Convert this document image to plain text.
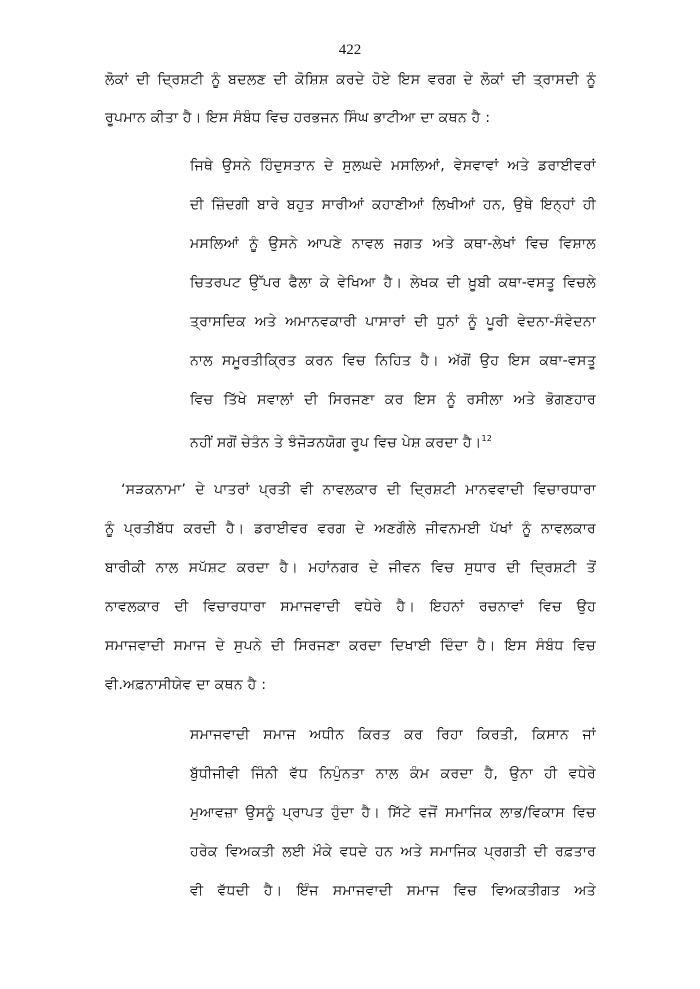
422
ਲੋਕਾਂ ਦੀ ਦ੍ਰਿਸ਼ਟੀ ਨੂੰ ਬਦਲਣ ਦੀ ਕੋਸ਼ਿਸ਼ ਕਰਦੇ ਹੋਏ ਇਸ ਵਰਗ ਦੇ ਲੋਕਾਂ ਦੀ ਤ੍ਰਾਸਦੀ ਨੂੰ
ਰੂਪਮਾਨ ਕੀਤਾ ਹੈ। ਇਸ ਸੰਬੰਧ ਵਿਚ ਹਰਭਜਨ ਸਿੰਘ ਭਾਟੀਆ ਦਾ ਕਥਨ ਹੈ :
ਜਿਥੇ ਉਸਨੇ ਹਿੰਦੁਸਤਾਨ ਦੇ ਸੁਲਘਦੇ ਮਸਲਿਆਂ, ਵੇਸਵਾਵਾਂ ਅਤੇ ਡਰਾਈਵਰਾਂ
ਦੀ ਜ਼ਿੰਦਗੀ ਬਾਰੇ ਬਹੁਤ ਸਾਰੀਆਂ ਕਹਾਣੀਆਂ ਲਿਖੀਆਂ ਹਨ, ਉਥੇ ਇਨ੍ਹਾਂ ਹੀ
ਮਸਲਿਆਂ ਨੂੰ ਉਸਨੇ ਆਪਣੇ ਨਾਵਲ ਜਗਤ ਅਤੇ ਕਥਾ-ਲੇਖਾਂ ਵਿਚ ਵਿਸ਼ਾਲ
ਚਿਤਰਪਟ ਉੱਪਰ ਫੈਲਾ ਕੇ ਵੇਖਿਆ ਹੈ। ਲੇਖਕ ਦੀ ਖ਼ੂਬੀ ਕਥਾ-ਵਸਤੂ ਵਿਚਲੇ
ਤ੍ਰਾਸਦਿਕ ਅਤੇ ਅਮਾਨਵਕਾਰੀ ਪਾਸਾਰਾਂ ਦੀ ਧੁਨਾਂ ਨੂੰ ਪੂਰੀ ਵੇਦਨਾ-ਸੰਵੇਦਨਾ
ਨਾਲ ਸਮੂਰਤੀਕ੍ਰਿਤ ਕਰਨ ਵਿਚ ਨਿਹਿਤ ਹੈ। ਅੱਗੋਂ ਉਹ ਇਸ ਕਥਾ-ਵਸਤੂ
ਵਿਚ ਤਿੱਖੇ ਸਵਾਲਾਂ ਦੀ ਸਿਰਜਣਾ ਕਰ ਇਸ ਨੂੰ ਰਸੀਲਾ ਅਤੇ ਭੋਗਣਹਾਰ
ਨਹੀਂ ਸਗੋਂ ਚੇਤੰਨ ਤੇ ਝੰਜੋੜਨਯੋਗ ਰੂਪ ਵਿਚ ਪੇਸ਼ ਕਰਦਾ ਹੈ।$^{12}$
‘ਸੜਕਨਾਮਾ’ ਦੇ ਪਾਤਰਾਂ ਪ੍ਰਤੀ ਵੀ ਨਾਵਲਕਾਰ ਦੀ ਦ੍ਰਿਸ਼ਟੀ ਮਾਨਵਵਾਦੀ ਵਿਚਾਰਧਾਰਾ
ਨੂੰ ਪ੍ਰਤੀਬੱਧ ਕਰਦੀ ਹੈ। ਡਰਾਈਵਰ ਵਰਗ ਦੇ ਅਣਗੌਲੇ ਜੀਵਨਮਈ ਪੱਖਾਂ ਨੂੰ ਨਾਵਲਕਾਰ
ਬਾਰੀਕੀ ਨਾਲ ਸਪੱਸ਼ਟ ਕਰਦਾ ਹੈ। ਮਹਾਂਨਗਰ ਦੇ ਜੀਵਨ ਵਿਚ ਸੁਧਾਰ ਦੀ ਦ੍ਰਿਸ਼ਟੀ ਤੋਂ
ਨਾਵਲਕਾਰ ਦੀ ਵਿਚਾਰਧਾਰਾ ਸਮਾਜਵਾਦੀ ਵਧੇਰੇ ਹੈ। ਇਹਨਾਂ ਰਚਨਾਵਾਂ ਵਿਚ ਉਹ
ਸਮਾਜਵਾਦੀ ਸਮਾਜ ਦੇ ਸੁਪਨੇ ਦੀ ਸਿਰਜਣਾ ਕਰਦਾ ਦਿਖਾਈ ਦਿੰਦਾ ਹੈ। ਇਸ ਸੰਬੰਧ ਵਿਚ
ਵੀ.ਅਫ਼ਨਾਸੀਯੇਵ ਦਾ ਕਥਨ ਹੈ :
ਸਮਾਜਵਾਦੀ ਸਮਾਜ ਅਧੀਨ ਕਿਰਤ ਕਰ ਰਿਹਾ ਕਿਰਤੀ, ਕਿਸਾਨ ਜਾਂ
ਬੁੱਧੀਜੀਵੀ ਜਿੰਨੀ ਵੱਧ ਨਿਪੁੰਨਤਾ ਨਾਲ ਕੰਮ ਕਰਦਾ ਹੈ, ਉਨਾ ਹੀ ਵਧੇਰੇ
ਮੁਆਵਜ਼ਾ ਉਸਨੂੰ ਪ੍ਰਾਪਤ ਹੁੰਦਾ ਹੈ। ਸਿੱਟੇ ਵਜੋਂ ਸਮਾਜਿਕ ਲਾਭ/ਵਿਕਾਸ ਵਿਚ
ਹਰੇਕ ਵਿਅਕਤੀ ਲਈ ਮੌਕੇ ਵਧਦੇ ਹਨ ਅਤੇ ਸਮਾਜਿਕ ਪ੍ਰਗਤੀ ਦੀ ਰਫ਼ਤਾਰ
ਵੀ ਵੱਧਦੀ ਹੈ। ਇੰਜ ਸਮਾਜਵਾਦੀ ਸਮਾਜ ਵਿਚ ਵਿਅਕਤੀਗਤ ਅਤੇ
